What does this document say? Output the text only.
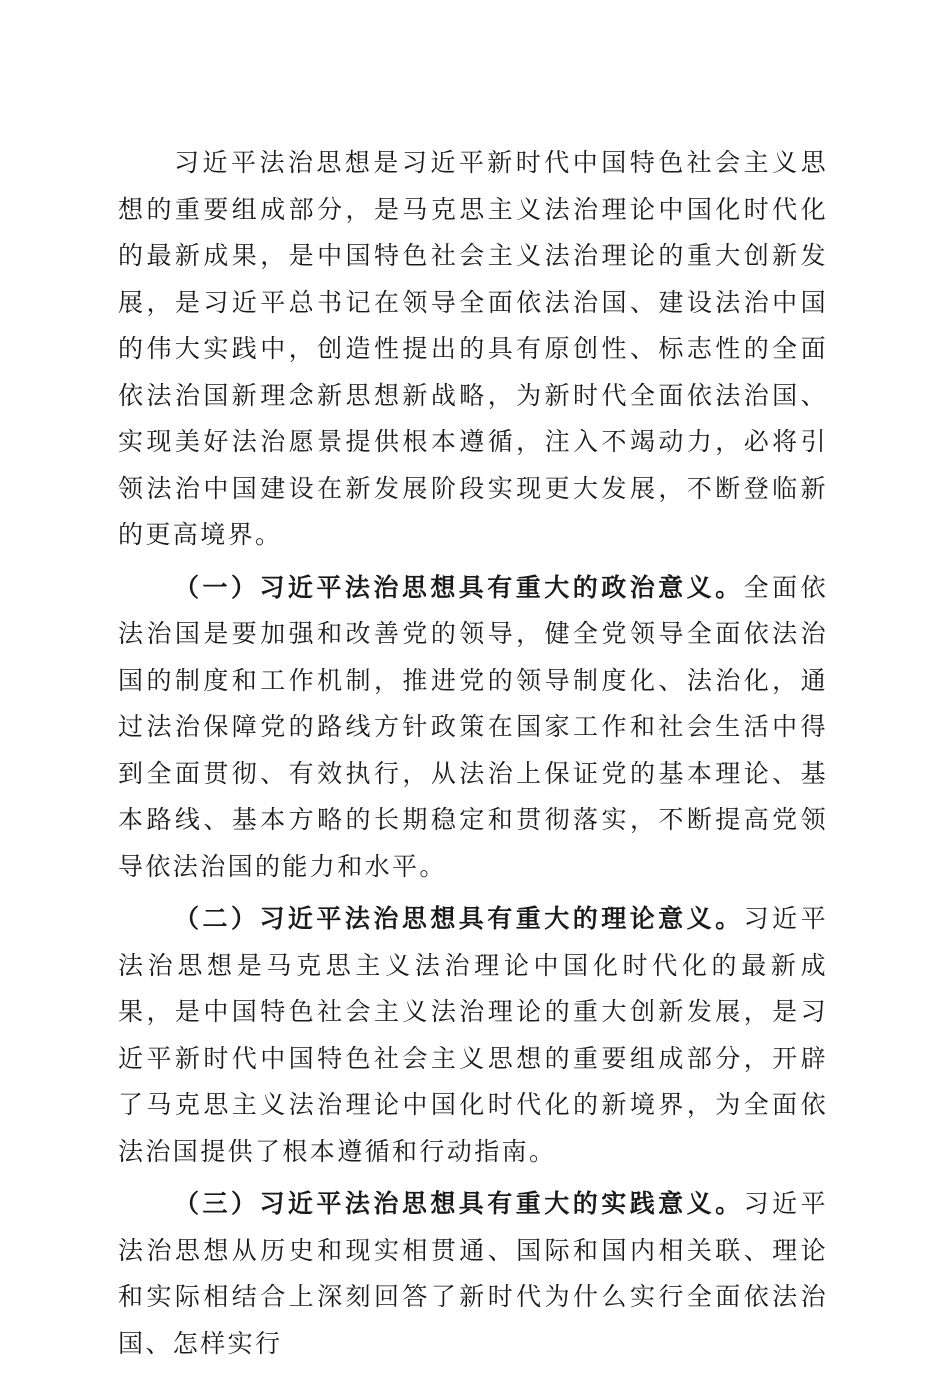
习近平法治思想是习近平新时代中国特色社会主义思想的重要组成部分，是马克思主义法治理论中国化时代化的最新成果，是中国特色社会主义法治理论的重大创新发展，是习近平总书记在领导全面依法治国、建设法治中国的伟大实践中，创造性提出的具有原创性、标志性的全面依法治国新理念新思想新战略，为新时代全面依法治国、实现美好法治愿景提供根本遵循，注入不竭动力，必将引领法治中国建设在新发展阶段实现更大发展，不断登临新的更高境界。

（一）习近平法治思想具有重大的政治意义。全面依法治国是要加强和改善党的领导，健全党领导全面依法治国的制度和工作机制，推进党的领导制度化、法治化，通过法治保障党的路线方针政策在国家工作和社会生活中得到全面贯彻、有效执行，从法治上保证党的基本理论、基本路线、基本方略的长期稳定和贯彻落实，不断提高党领导依法治国的能力和水平。

（二）习近平法治思想具有重大的理论意义。习近平法治思想是马克思主义法治理论中国化时代化的最新成果，是中国特色社会主义法治理论的重大创新发展，是习近平新时代中国特色社会主义思想的重要组成部分，开辟了马克思主义法治理论中国化时代化的新境界，为全面依法治国提供了根本遵循和行动指南。

（三）习近平法治思想具有重大的实践意义。习近平法治思想从历史和现实相贯通、国际和国内相关联、理论和实际相结合上深刻回答了新时代为什么实行全面依法治国、怎样实行
